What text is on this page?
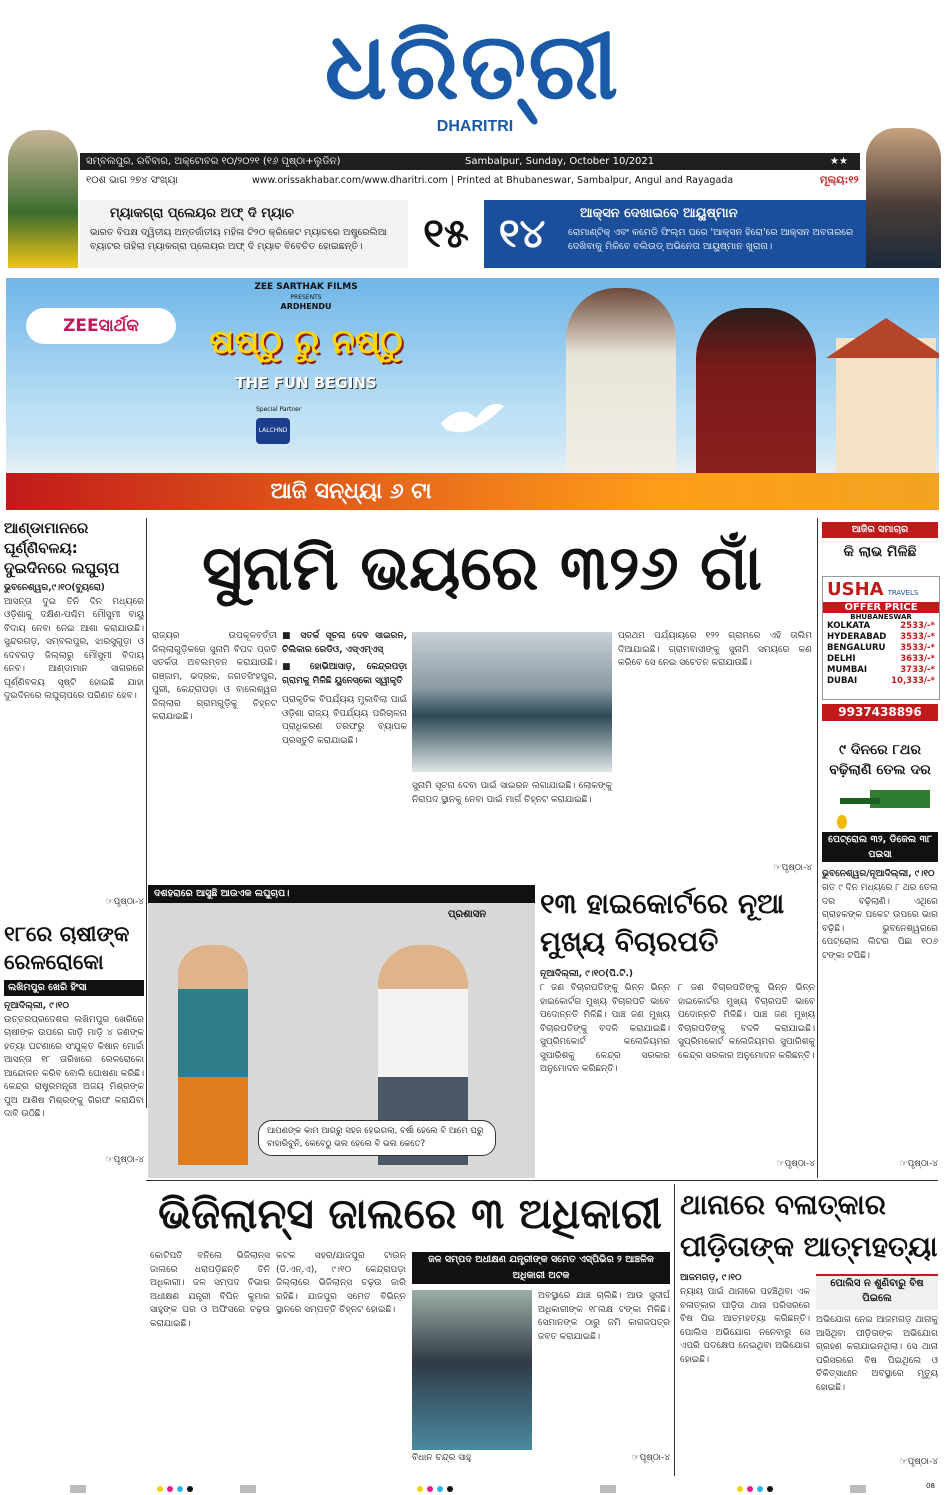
ଧରିତ୍ରୀ
DHARITRI
ସମ୍ବଲପୁର, ରବିବାର, ଅକ୍ଟୋବର ୧୦/୨୦୨୧ (୧୬ ପୃଷ୍ଠା+ଲୁଡିନ)	Sambalpur, Sunday, October 10/2021	★★
୧୦ଶ ଭାଗ ୨୭୪ ସଂଖ୍ୟା	www.orissakhabar.com/www.dharitri.com | Printed at Bhubaneswar, Sambalpur, Angul and Rayagada	ମୂଲ୍ୟ:୧୨
ମ୍ୟାକଗ୍ରା ପ୍ଲେୟର ଅଫ୍ ଦି ମ୍ୟାଚ
ଭାରତ ବିପକ୍ଷ ଦ୍ୱିତୀୟ ଅନ୍ତର୍ଜାତୀୟ ମହିଳା ଟି୨୦ କ୍ରିକେଟ ମ୍ୟାଚରେ ଅଷ୍ଟ୍ରେଲିଆ ବ୍ୟାଟର ତାହିଲା ମ୍ୟାକଗ୍ରା ପ୍ଲେୟର ଅଫ୍ ଦି ମ୍ୟାଚ ବିବେଚିତ ହୋଇଛନ୍ତି।	୧୫ ୧୪	ଆକ୍ସନ ଦେଖାଇବେ ଆୟୁଷ୍ମାନ
ରୋମାଣ୍ଟିକ୍ ଏବଂ କମେଡି ଫିଲ୍ମ ପରେ 'ଆକ୍ସନ ହିରୋ'ରେ ଆକ୍ସନ ଅବତାରରେ ଦେଖିବାକୁ ମିଳିବେ ବଲିଉଡ୍ ଅଭିନେତା ଆୟୁଷ୍ମାନ ଖୁରାନା।
ZEEସାର୍ଥକ
ZEE SARTHAK FILMS
PRESENTS
ARDHENDU
ଷଷ୍ଠୁ ରୁ ନଷ୍ଠୁ
THE FUN BEGINS
Special Partner
LALCHND
ଆଜି ସନ୍ଧ୍ୟା ୬ ଟା
ଆଣ୍ଡାମାନରେ ଘୂର୍ଣ୍ଣିବଳୟ: ଦୁଇଦିନରେ ଲଘୁଚାପ
ଭୁବନେଶ୍ୱର,୯।୧୦(ବ୍ୟୁରୋ)
ଆସନ୍ତା ଦୁଇ ତିନି ଦିନ ମଧ୍ୟରେ ଓଡ଼ିଶାକୁ ଦକ୍ଷିଣ-ପଶ୍ଚିମ ମୌସୁମୀ ବାୟୁ ବିଦାୟ ନେବା ନେଇ ଆଶା କରାଯାଉଛି। ସୁନ୍ଦରଗଡ଼, ସମ୍ବଲପୁର, ଝାରସୁଗୁଡ଼ା ଓ ଦେବଗଡ଼ ଜିଲ୍ଲାରୁ ମୌସୁମୀ ବିଦାୟ ନେବ। ଆଣ୍ଡାମାନ ସାଗରରେ ଘୂର୍ଣ୍ଣିବଳୟ ସୃଷ୍ଟି ହୋଇଛି ଯାହା ଦୁଇଦିନରେ ଲଘୁଚାପରେ ପରିଣତ ହେବ।
☞ପୃଷ୍ଠା-୪
୧୮ରେ ଚାଷୀଙ୍କ ରେଳରୋକୋ
ଲଖିମପୁର ଖେରି ହିଂସା
ନୂଆଦିଲ୍ଲୀ, ୯।୧୦
ଉତ୍ତରପ୍ରଦେଶର ଲଖିମପୁର ଖେରିରେ ଚାଷୀଙ୍କ ଉପରେ ଗାଡ଼ି ମାଡ଼ି ୪ ଜଣଙ୍କ ହତ୍ୟା ଘଟଣାରେ ସଂଯୁକ୍ତ କିଷାନ ମୋର୍ଚ୍ଚା ଆସନ୍ତା ୧୮ ତାରିଖରେ ରେଳରୋକୋ ଆନ୍ଦୋଳନ କରିବ ବୋଲି ଘୋଷଣା କରିଛି। କେନ୍ଦ୍ର ରାଷ୍ଟ୍ରମନ୍ତ୍ରୀ ଅଜୟ ମିଶ୍ରଙ୍କ ପୁଅ ଆଶିଷ ମିଶ୍ରଙ୍କୁ ଗିରଫ କରାଯିବା ଦାବି ଉଠିଛି।
☞ପୃଷ୍ଠା-୪
ସୁନାମି ଭୟରେ ୩୨୬ ଗାଁ
ରାଜ୍ୟର ଉପକୂଳବର୍ତ୍ତୀ ଜିଲ୍ଲାଗୁଡ଼ିକରେ ସୁନାମି ବିପଦ ପ୍ରତି ସତର୍କତା ଅବଲମ୍ବନ କରାଯାଉଛି। ଗଞ୍ଜାମ, ଭଦ୍ରକ, ଜଗତସିଂହପୁର, ପୁରୀ, କେନ୍ଦ୍ରାପଡ଼ା ଓ ବାଲେଶ୍ୱର ଜିଲ୍ଲାର ଗ୍ରାମଗୁଡ଼ିକୁ ଚିହ୍ନଟ କରାଯାଇଛି।
■ ସତର୍କ ସୂଚନା ଦେବ ସାଇରନ, ଚିଲିକାର ରେଡିଓ, ଏସ୍ଏମ୍ଏସ୍
■ ହୋଭିଆସାଡ଼, କେନ୍ଦ୍ରପଡ଼ା ଗ୍ରାମକୁ ମିଳିଛି ୟୁନେସ୍କୋ ସ୍ୱୀକୃତି
ପ୍ରାକୃତିକ ବିପର୍ଯ୍ୟୟ ମୁକାବିଲା ପାଇଁ ଓଡ଼ିଶା ରାଜ୍ୟ ବିପର୍ଯ୍ୟୟ ପରିଚାଳନା ପ୍ରାଧିକରଣ ତରଫରୁ ବ୍ୟାପକ ପ୍ରସ୍ତୁତି କରାଯାଇଛି।
ସୁନାମି ସୂଚନା ଦେବା ପାଇଁ ସାଇରନ ଲଗାଯାଇଛି। ଲୋକଙ୍କୁ ନିରାପଦ ସ୍ଥାନକୁ ନେବା ପାଇଁ ମାର୍ଗ ଚିହ୍ନଟ କରାଯାଇଛି।
ପ୍ରଥମ ପର୍ଯ୍ୟାୟରେ ୧୨୨ ଗ୍ରାମରେ ଏହି ତାଲିମ ଦିଆଯାଇଛି। ଗ୍ରାମବାସୀଙ୍କୁ ସୁନାମି ସମୟରେ କଣ କରିବେ ସେ ନେଇ ସଚେତନ କରାଯାଉଛି।
☞ପୃଷ୍ଠା-୪
ଦଶହରାରେ ଆସୁଛି ଆଉଏକ ଲଘୁଚାପ।
ପ୍ରଶାସନ
ଆପଣଙ୍କ କାମ ଆଗରୁ ସହଜ ହେଇଗଲା, ବର୍ଷା ହେଲେ ବି ଆମେ ଘରୁ ବାହାରିବୁନି, କେବେଠୁ ଭଲ ହେଲେ ବି ଭଲ କେତେ?
୧୩ ହାଇକୋର୍ଟରେ ନୂଆ ମୁଖ୍ୟ ବିଚାରପତି
ନୂଆଦିଲ୍ଲୀ, ୯।୧୦(ପି.ଟି.)
୮ ଜଣ ବିଚାରପତିଙ୍କୁ ଭିନ୍ନ ଭିନ୍ନ ହାଇକୋର୍ଟର ମୁଖ୍ୟ ବିଚାରପତି ଭାବେ ପଦୋନ୍ନତି ମିଳିଛି। ପାଞ୍ଚ ଜଣ ମୁଖ୍ୟ ବିଚାରପତିଙ୍କୁ ବଦଳି କରାଯାଇଛି। ସୁପ୍ରିମକୋର୍ଟ କଲେଜିୟମର ସୁପାରିଶକୁ କେନ୍ଦ୍ର ସରକାର ଅନୁମୋଦନ କରିଛନ୍ତି।
୮ ଜଣ ବିଚାରପତିଙ୍କୁ ଭିନ୍ନ ଭିନ୍ନ ହାଇକୋର୍ଟର ମୁଖ୍ୟ ବିଚାରପତି ଭାବେ ପଦୋନ୍ନତି ମିଳିଛି। ପାଞ୍ଚ ଜଣ ମୁଖ୍ୟ ବିଚାରପତିଙ୍କୁ ବଦଳି କରାଯାଇଛି। ସୁପ୍ରିମକୋର୍ଟ କଲେଜିୟମର ସୁପାରିଶକୁ କେନ୍ଦ୍ର ସରକାର ଅନୁମୋଦନ କରିଛନ୍ତି।
☞ପୃଷ୍ଠା-୪
ଆଜିର ସମାଚାର
କି ଲାଭ ମିଳିଛି
USHA TRAVELS
OFFER PRICE
BHUBANESWAR
KOLKATA	2533/-*
HYDERABAD 3533/-*
BENGALURU 3533/-*
DELHI	3633/-*
MUMBAI	3733/-*
DUBAI	10,333/-*
9937438896
୯ ଦିନରେ ୮ଥର ବଢ଼ିଲାଣି ତେଲ ଦର
ପେଟ୍ରୋଲ ୩୨, ଡିଜେଲ ୩୮ ପଇସା
ଭୁବନେଶ୍ୱର/ନୂଆଦିଲ୍ଲୀ, ୯।୧୦
ଗତ ୯ ଦିନ ମଧ୍ୟରେ ୮ ଥର ତେଲ ଦର ବଢ଼ିଲାଣି। ଏଥିରେ ଗ୍ରାହକଙ୍କ ପକେଟ ଉପରେ ଭାର ବଢ଼ିଛି। ଭୁବନେଶ୍ୱରରେ ପେଟ୍ରୋଲ ଲିଟର ପିଛା ୧୦୬ ଟଙ୍କା ଟପିଛି।
☞ପୃଷ୍ଠା-୪
ଭିଜିଲାନ୍ସ ଜାଲରେ ୩ ଅଧିକାରୀ
କୋଟିପତି ବନିଲେ ଭିଜିଲାନ୍ସ ଜାଲରେ ଧରାପଡ଼ିଛନ୍ତି ତିନି ଅଧିକାରୀ। ଜଳ ସମ୍ପଦ ବିଭାଗ ଅଧୀକ୍ଷଣ ଯନ୍ତ୍ରୀ ବିପିନ କୁମାର ସାହୁଙ୍କ ଘର ଓ ଅଫିସରେ ଚଢ଼ଉ କରାଯାଇଛି।
କଟକ ସହର/ଯାଜପୁର ଟାଉନ୍ (ଡି.ଏନ୍.ଏ), ୯।୧୦ କେନ୍ଦ୍ରାପଡ଼ା ଜିଲ୍ଲାରେ ଭିଜିଲାନ୍ସ ଚଢ଼ଉ ଜାରି ରହିଛି। ଯାଜପୁର ସମେତ ବିଭିନ୍ନ ସ୍ଥାନରେ ସମ୍ପତ୍ତି ଚିହ୍ନଟ ହୋଇଛି।
ଜଳ ସମ୍ପଦ ଅଧୀକ୍ଷଣ ଯନ୍ତ୍ରୀଙ୍କ ସମେତ ଏସ୍‌ପିଭିର ୨ ଆଞ୍ଚଳିକ ଅଧିକାରୀ ଅଟକ
ବିଧାନ ଚନ୍ଦ୍ର ସାହୁ
ଅବସ୍ଥାରେ ଯାଞ୍ଚ ଚାଲିଛି। ଆଉ ସୁଦୀର୍ଘ ଅଧିକାରୀଙ୍କ ୧୮ଲକ୍ଷ ଟଙ୍କା ମିଳିଛି। ସେମାନଙ୍କ ଠାରୁ ଜମି କାଗଜପତ୍ର ଜବତ କରାଯାଇଛି।
☞ପୃଷ୍ଠା-୪
ଥାନାରେ ବଳାତ୍କାର ପୀଡ଼ିତାଙ୍କ ଆତ୍ମହତ୍ୟା
ଆଜମଗଡ଼, ୯।୧୦
ନ୍ୟାୟ ପାଇଁ ଥାନାରେ ପହଞ୍ଚିଥିବା ଏକ ବଳାତ୍କାର ପୀଡ଼ିତା ଥାନା ପରିସରରେ ବିଷ ପିଇ ଆତ୍ମହତ୍ୟା କରିଛନ୍ତି। ପୋଲିସ ଅଭିଯୋଗ ନନେବାରୁ ସେ ଏପରି ପଦକ୍ଷେପ ନେଇଥିବା ଅଭିଯୋଗ ହୋଇଛି।
ପୋଲିସ ନ ଶୁଣିବାରୁ ବିଷ ପିଇଲେ
ଅଭିଯୋଗ ନେଇ ଆଜମଗଡ଼ ଥାନାକୁ ଆସିଥିବା ପୀଡ଼ିତାଙ୍କ ଅଭିଯୋଗ ଗ୍ରହଣ କରାଯାଇନଥିଲା। ସେ ଥାନା ପରିସରରେ ବିଷ ପିଇଥିଲେ ଓ ଚିକିତ୍ସାଧୀନ ଅବସ୍ଥାରେ ମୃତ୍ୟୁ ହୋଇଛି।
☞ପୃଷ୍ଠା-୪
08
